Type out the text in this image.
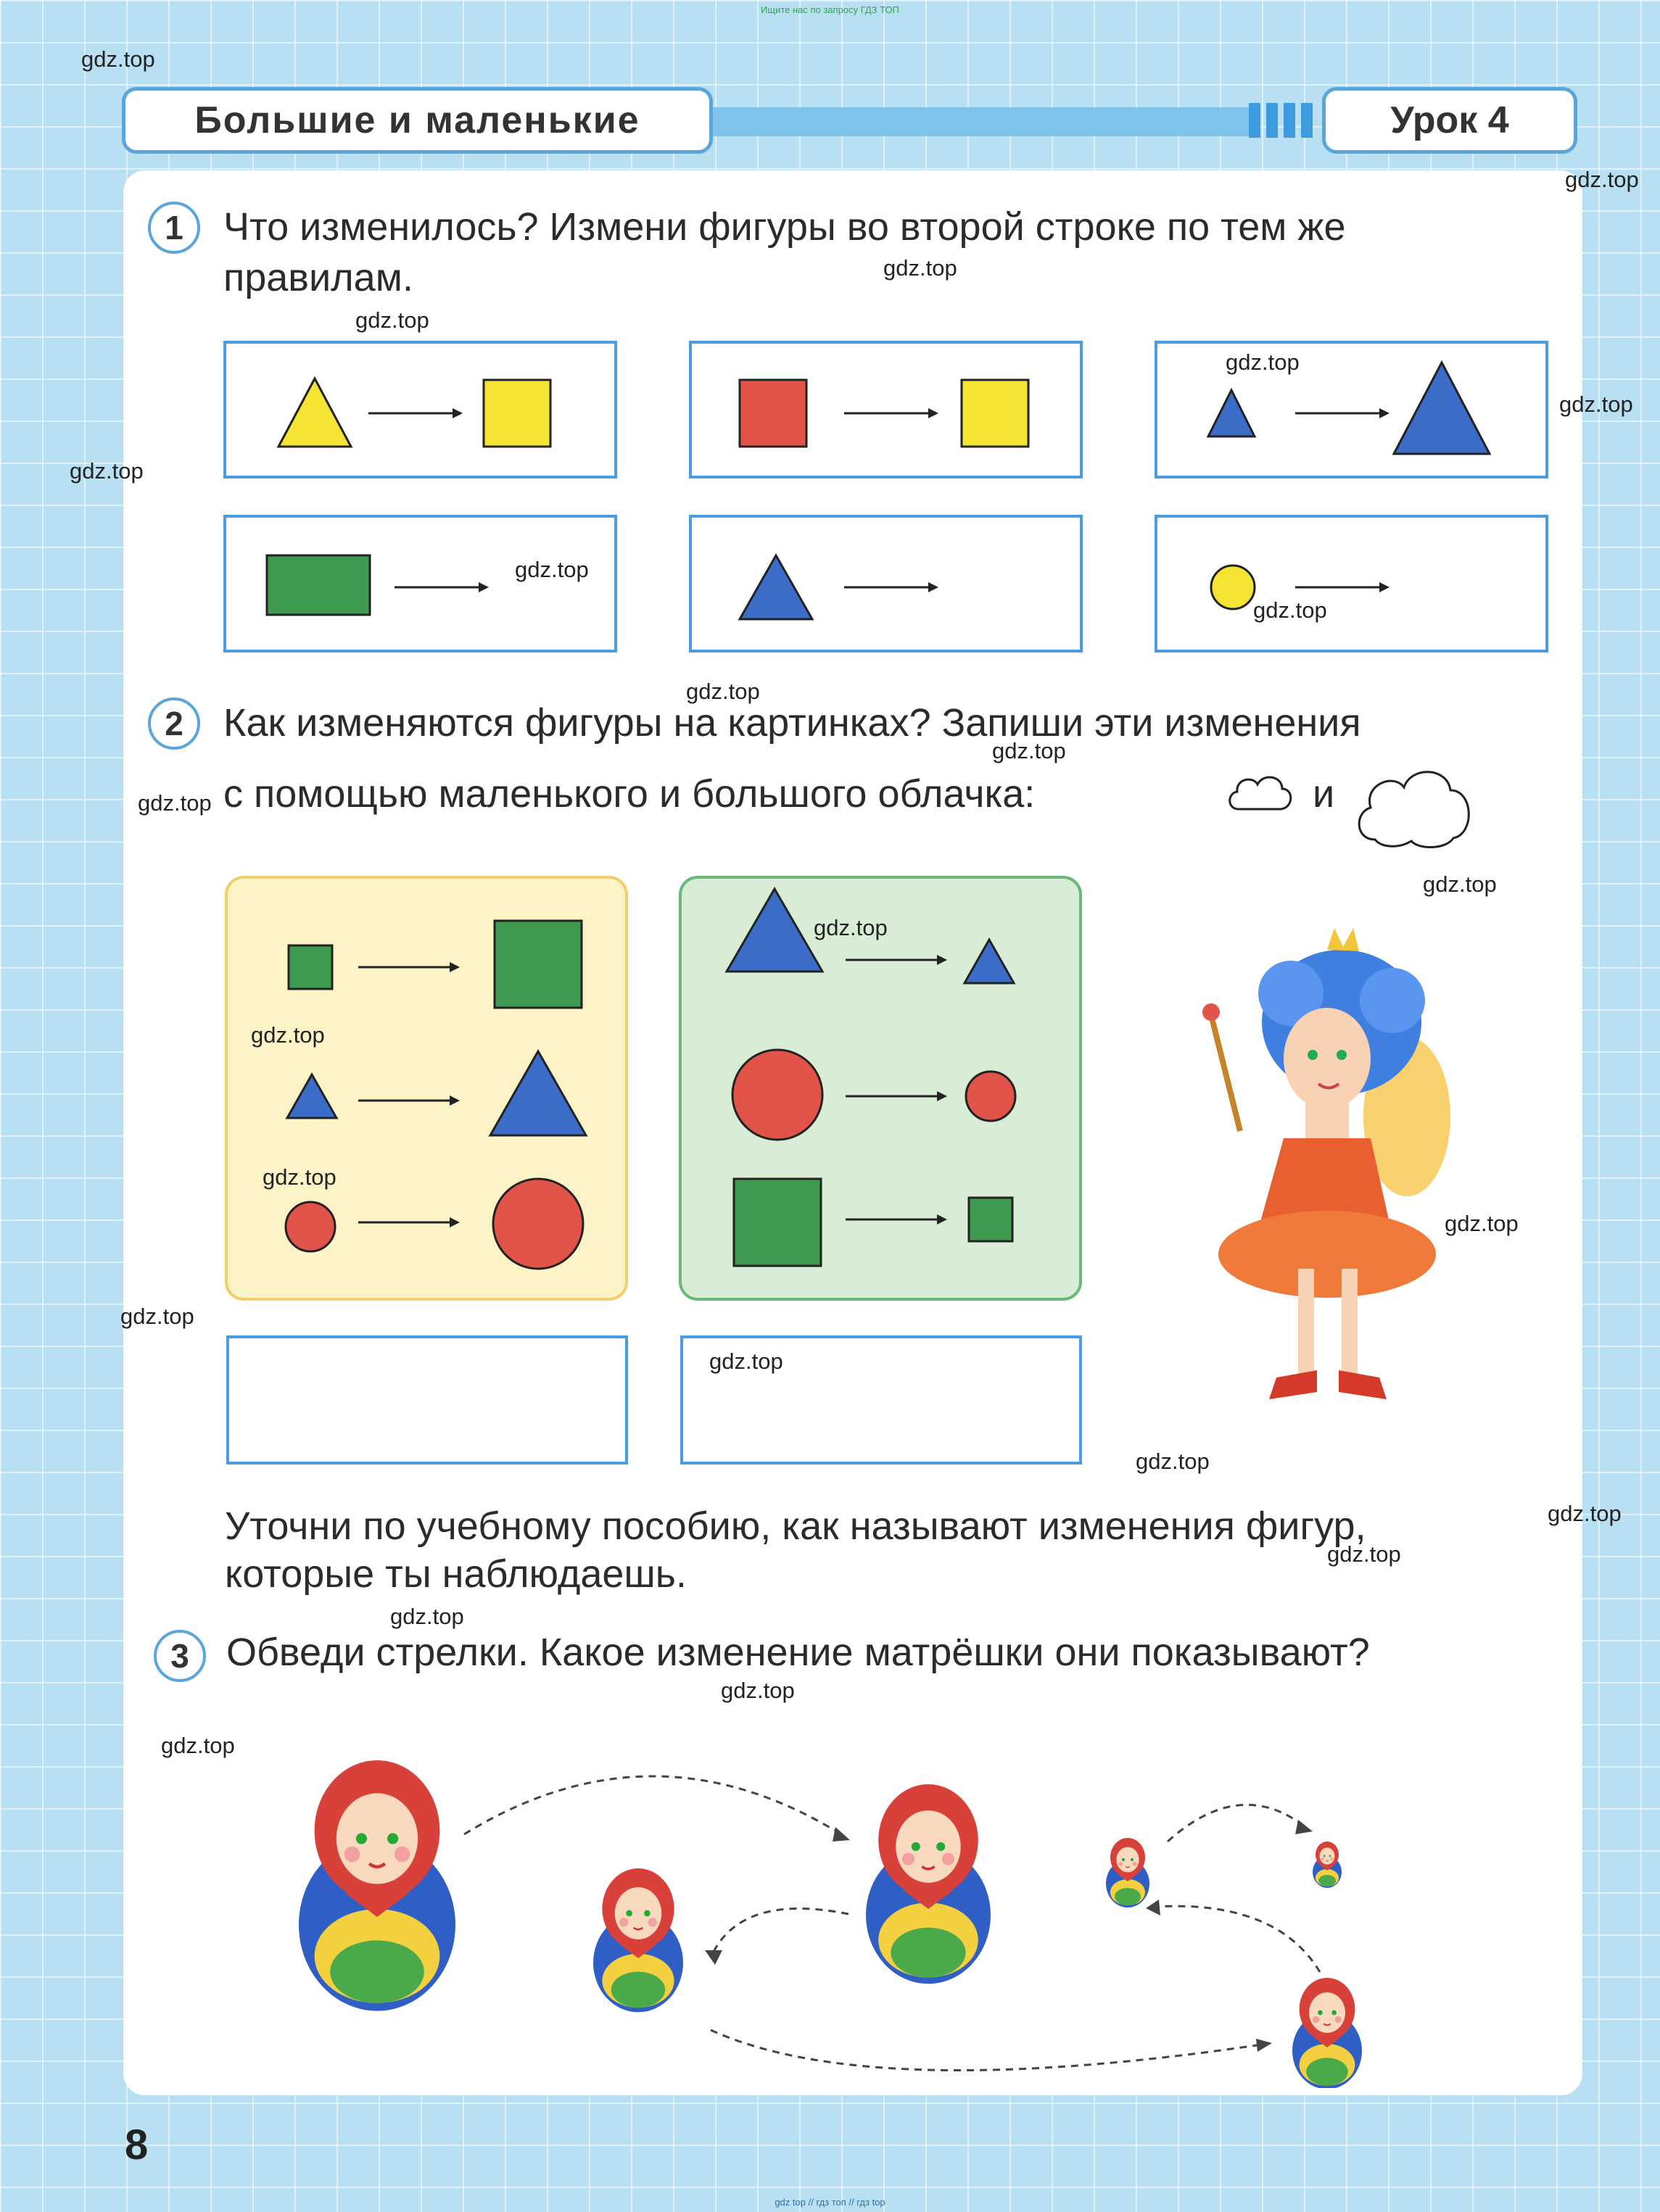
Ищите нас по запросу ГДЗ ТОП
Большие и маленькие	Урок 4
1	Что изменилось? Измени фигуры во второй строке по тем же
правилам.
2	Как изменяются фигуры на картинках? Запиши эти изменения
с помощью маленького и большого облачка:	и
Уточни по учебному пособию, как называют изменения фигур,
которые ты наблюдаешь.
3 Обведи стрелки. Какое изменение матрёшки они показывают?
8
gdz top // гдз топ // гдз top
gdz.top
gdz.top
gdz.top
gdz.top
gdz.top
gdz.top
gdz.top
gdz.top
gdz.top
gdz.top
gdz.top
gdz.top
gdz.top
gdz.top
gdz.top
gdz.top
gdz.top
gdz.top
gdz.top
gdz.top
gdz.top
gdz.top
gdz.top
gdz.top
gdz.top
